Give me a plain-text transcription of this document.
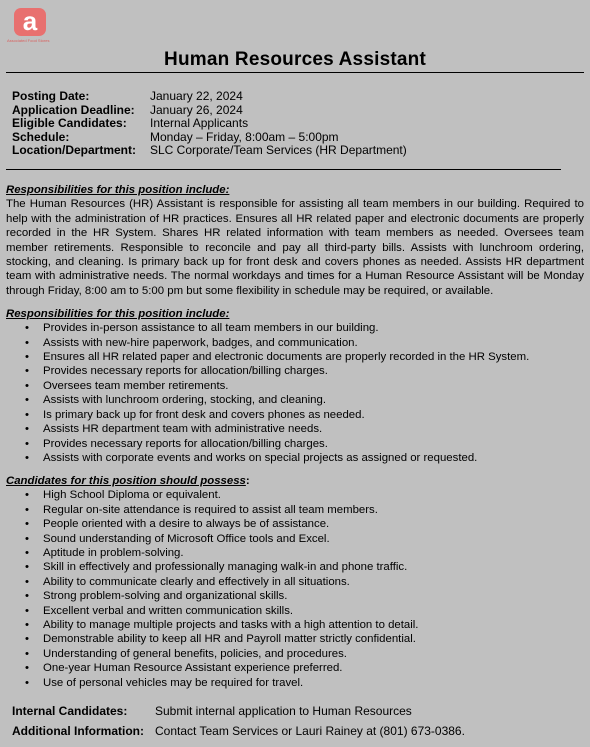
a
Associated Food Stores
Human Resources Assistant
Posting Date:	January 22, 2024
Application Deadline:	January 26, 2024
Eligible Candidates:	Internal Applicants
Schedule:	Monday – Friday, 8:00am – 5:00pm
Location/Department:	SLC Corporate/Team Services (HR Department)
Responsibilities for this position include:
The Human Resources (HR) Assistant is responsible for assisting all team members in our building. Required to help with the administration of HR practices. Ensures all HR related paper and electronic documents are properly recorded in the HR System. Shares HR related information with team members as needed. Oversees team member retirements. Responsible to reconcile and pay all third-party bills. Assists with lunchroom ordering, stocking, and cleaning. Is primary back up for front desk and covers phones as needed. Assists HR department team with administrative needs. The normal workdays and times for a Human Resource Assistant will be Monday through Friday, 8:00 am to 5:00 pm but some flexibility in schedule may be required, or available.
Responsibilities for this position include:
• Provides in-person assistance to all team members in our building.
• Assists with new-hire paperwork, badges, and communication.
• Ensures all HR related paper and electronic documents are properly recorded in the HR System.
• Provides necessary reports for allocation/billing charges.
• Oversees team member retirements.
• Assists with lunchroom ordering, stocking, and cleaning.
• Is primary back up for front desk and covers phones as needed.
• Assists HR department team with administrative needs.
• Provides necessary reports for allocation/billing charges.
• Assists with corporate events and works on special projects as assigned or requested.
Candidates for this position should possess:
• High School Diploma or equivalent.
• Regular on-site attendance is required to assist all team members.
• People oriented with a desire to always be of assistance.
• Sound understanding of Microsoft Office tools and Excel.
• Aptitude in problem-solving.
• Skill in effectively and professionally managing walk-in and phone traffic.
• Ability to communicate clearly and effectively in all situations.
• Strong problem-solving and organizational skills.
• Excellent verbal and written communication skills.
• Ability to manage multiple projects and tasks with a high attention to detail.
• Demonstrable ability to keep all HR and Payroll matter strictly confidential.
• Understanding of general benefits, policies, and procedures.
• One-year Human Resource Assistant experience preferred.
• Use of personal vehicles may be required for travel.
Internal Candidates:	Submit internal application to Human Resources
Additional Information: Contact Team Services or Lauri Rainey at (801) 673-0386.
